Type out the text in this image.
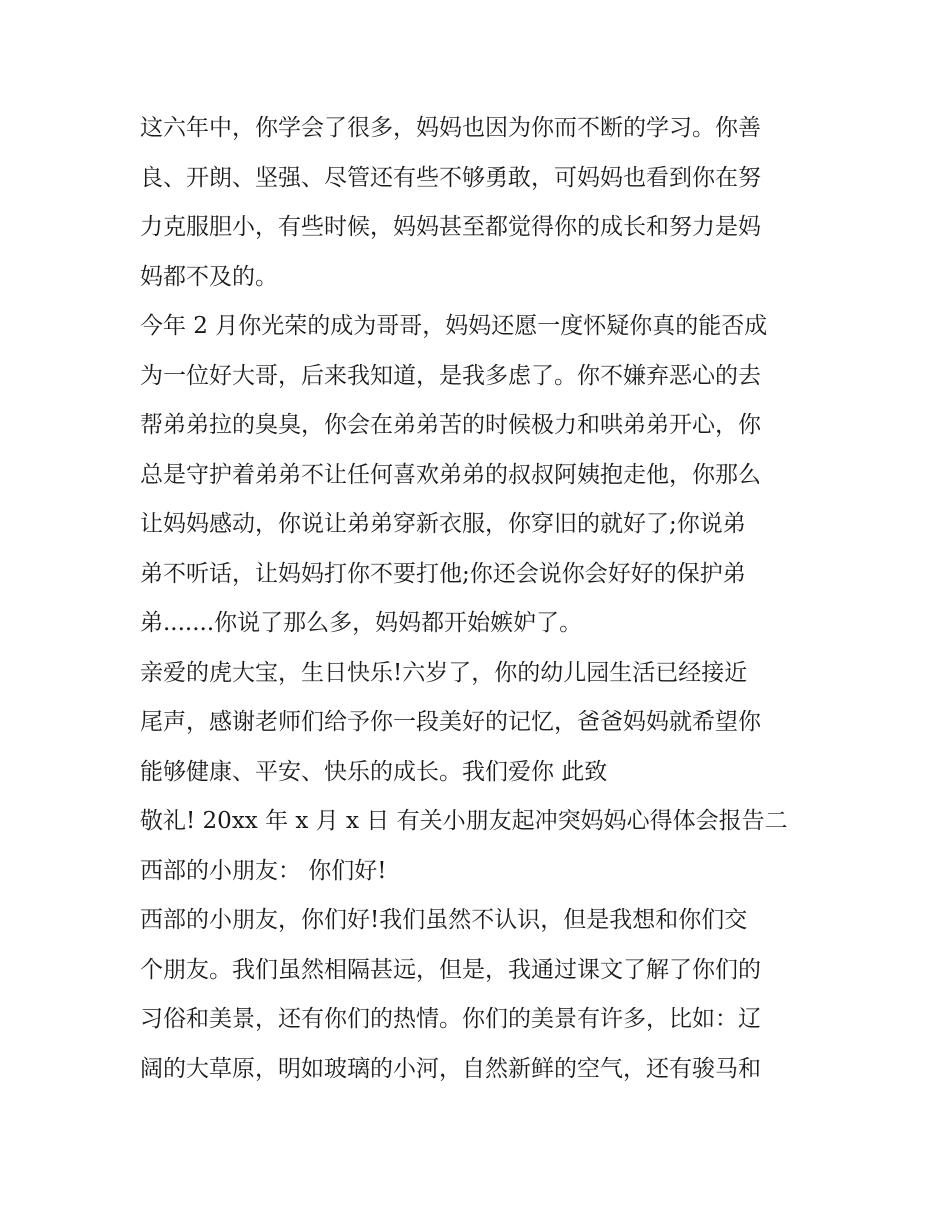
这六年中，你学会了很多，妈妈也因为你而不断的学习。你善
良、开朗、坚强、尽管还有些不够勇敢，可妈妈也看到你在努
力克服胆小，有些时候，妈妈甚至都觉得你的成长和努力是妈
妈都不及的。
今年 2 月你光荣的成为哥哥，妈妈还愿一度怀疑你真的能否成
为一位好大哥，后来我知道，是我多虑了。你不嫌弃恶心的去
帮弟弟拉的臭臭，你会在弟弟苦的时候极力和哄弟弟开心，你
总是守护着弟弟不让任何喜欢弟弟的叔叔阿姨抱走他，你那么
让妈妈感动，你说让弟弟穿新衣服，你穿旧的就好了;你说弟
弟不听话，让妈妈打你不要打他;你还会说你会好好的保护弟
弟.......你说了那么多，妈妈都开始嫉妒了。
亲爱的虎大宝，生日快乐!六岁了，你的幼儿园生活已经接近
尾声，感谢老师们给予你一段美好的记忆，爸爸妈妈就希望你
能够健康、平安、快乐的成长。我们爱你 此致
敬礼! 20xx 年 x 月 x 日 有关小朋友起冲突妈妈心得体会报告二
西部的小朋友： 你们好!
西部的小朋友，你们好!我们虽然不认识，但是我想和你们交
个朋友。我们虽然相隔甚远，但是，我通过课文了解了你们的
习俗和美景，还有你们的热情。你们的美景有许多，比如：辽
阔的大草原，明如玻璃的小河，自然新鲜的空气，还有骏马和
